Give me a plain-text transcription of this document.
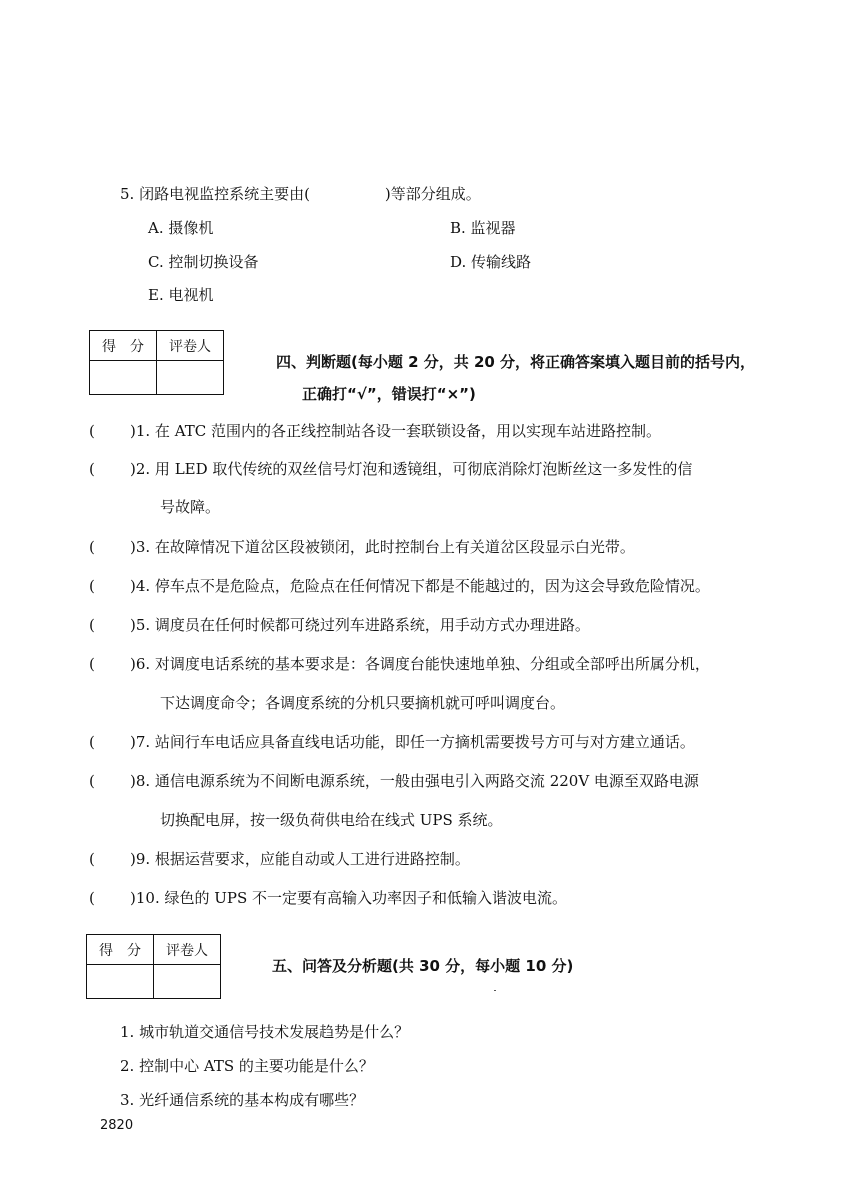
5. 闭路电视监控系统主要由(　　　　　)等部分组成。
A. 摄像机	B. 监视器
C. 控制切换设备	D. 传输线路
E. 电视机
得　分	评卷人

四、判断题(每小题 2 分，共 20 分，将正确答案填入题目前的括号内，
正确打“√”，错误打“×”)
( )1. 在 ATC 范围内的各正线控制站各设一套联锁设备，用以实现车站进路控制。
( )2. 用 LED 取代传统的双丝信号灯泡和透镜组，可彻底消除灯泡断丝这一多发性的信
号故障。
( )3. 在故障情况下道岔区段被锁闭，此时控制台上有关道岔区段显示白光带。
( )4. 停车点不是危险点，危险点在任何情况下都是不能越过的，因为这会导致危险情况。
( )5. 调度员在任何时候都可绕过列车进路系统，用手动方式办理进路。
( )6. 对调度电话系统的基本要求是：各调度台能快速地单独、分组或全部呼出所属分机，
下达调度命令；各调度系统的分机只要摘机就可呼叫调度台。
( )7. 站间行车电话应具备直线电话功能，即任一方摘机需要拨号方可与对方建立通话。
( )8. 通信电源系统为不间断电源系统，一般由强电引入两路交流 220V 电源至双路电源
切换配电屏，按一级负荷供电给在线式 UPS 系统。
( )9. 根据运营要求，应能自动或人工进行进路控制。
( )10. 绿色的 UPS 不一定要有高输入功率因子和低输入谐波电流。
得　分	评卷人

五、问答及分析题(共 30 分，每小题 10 分)
1. 城市轨道交通信号技术发展趋势是什么？
2. 控制中心 ATS 的主要功能是什么？
3. 光纤通信系统的基本构成有哪些？
2820
